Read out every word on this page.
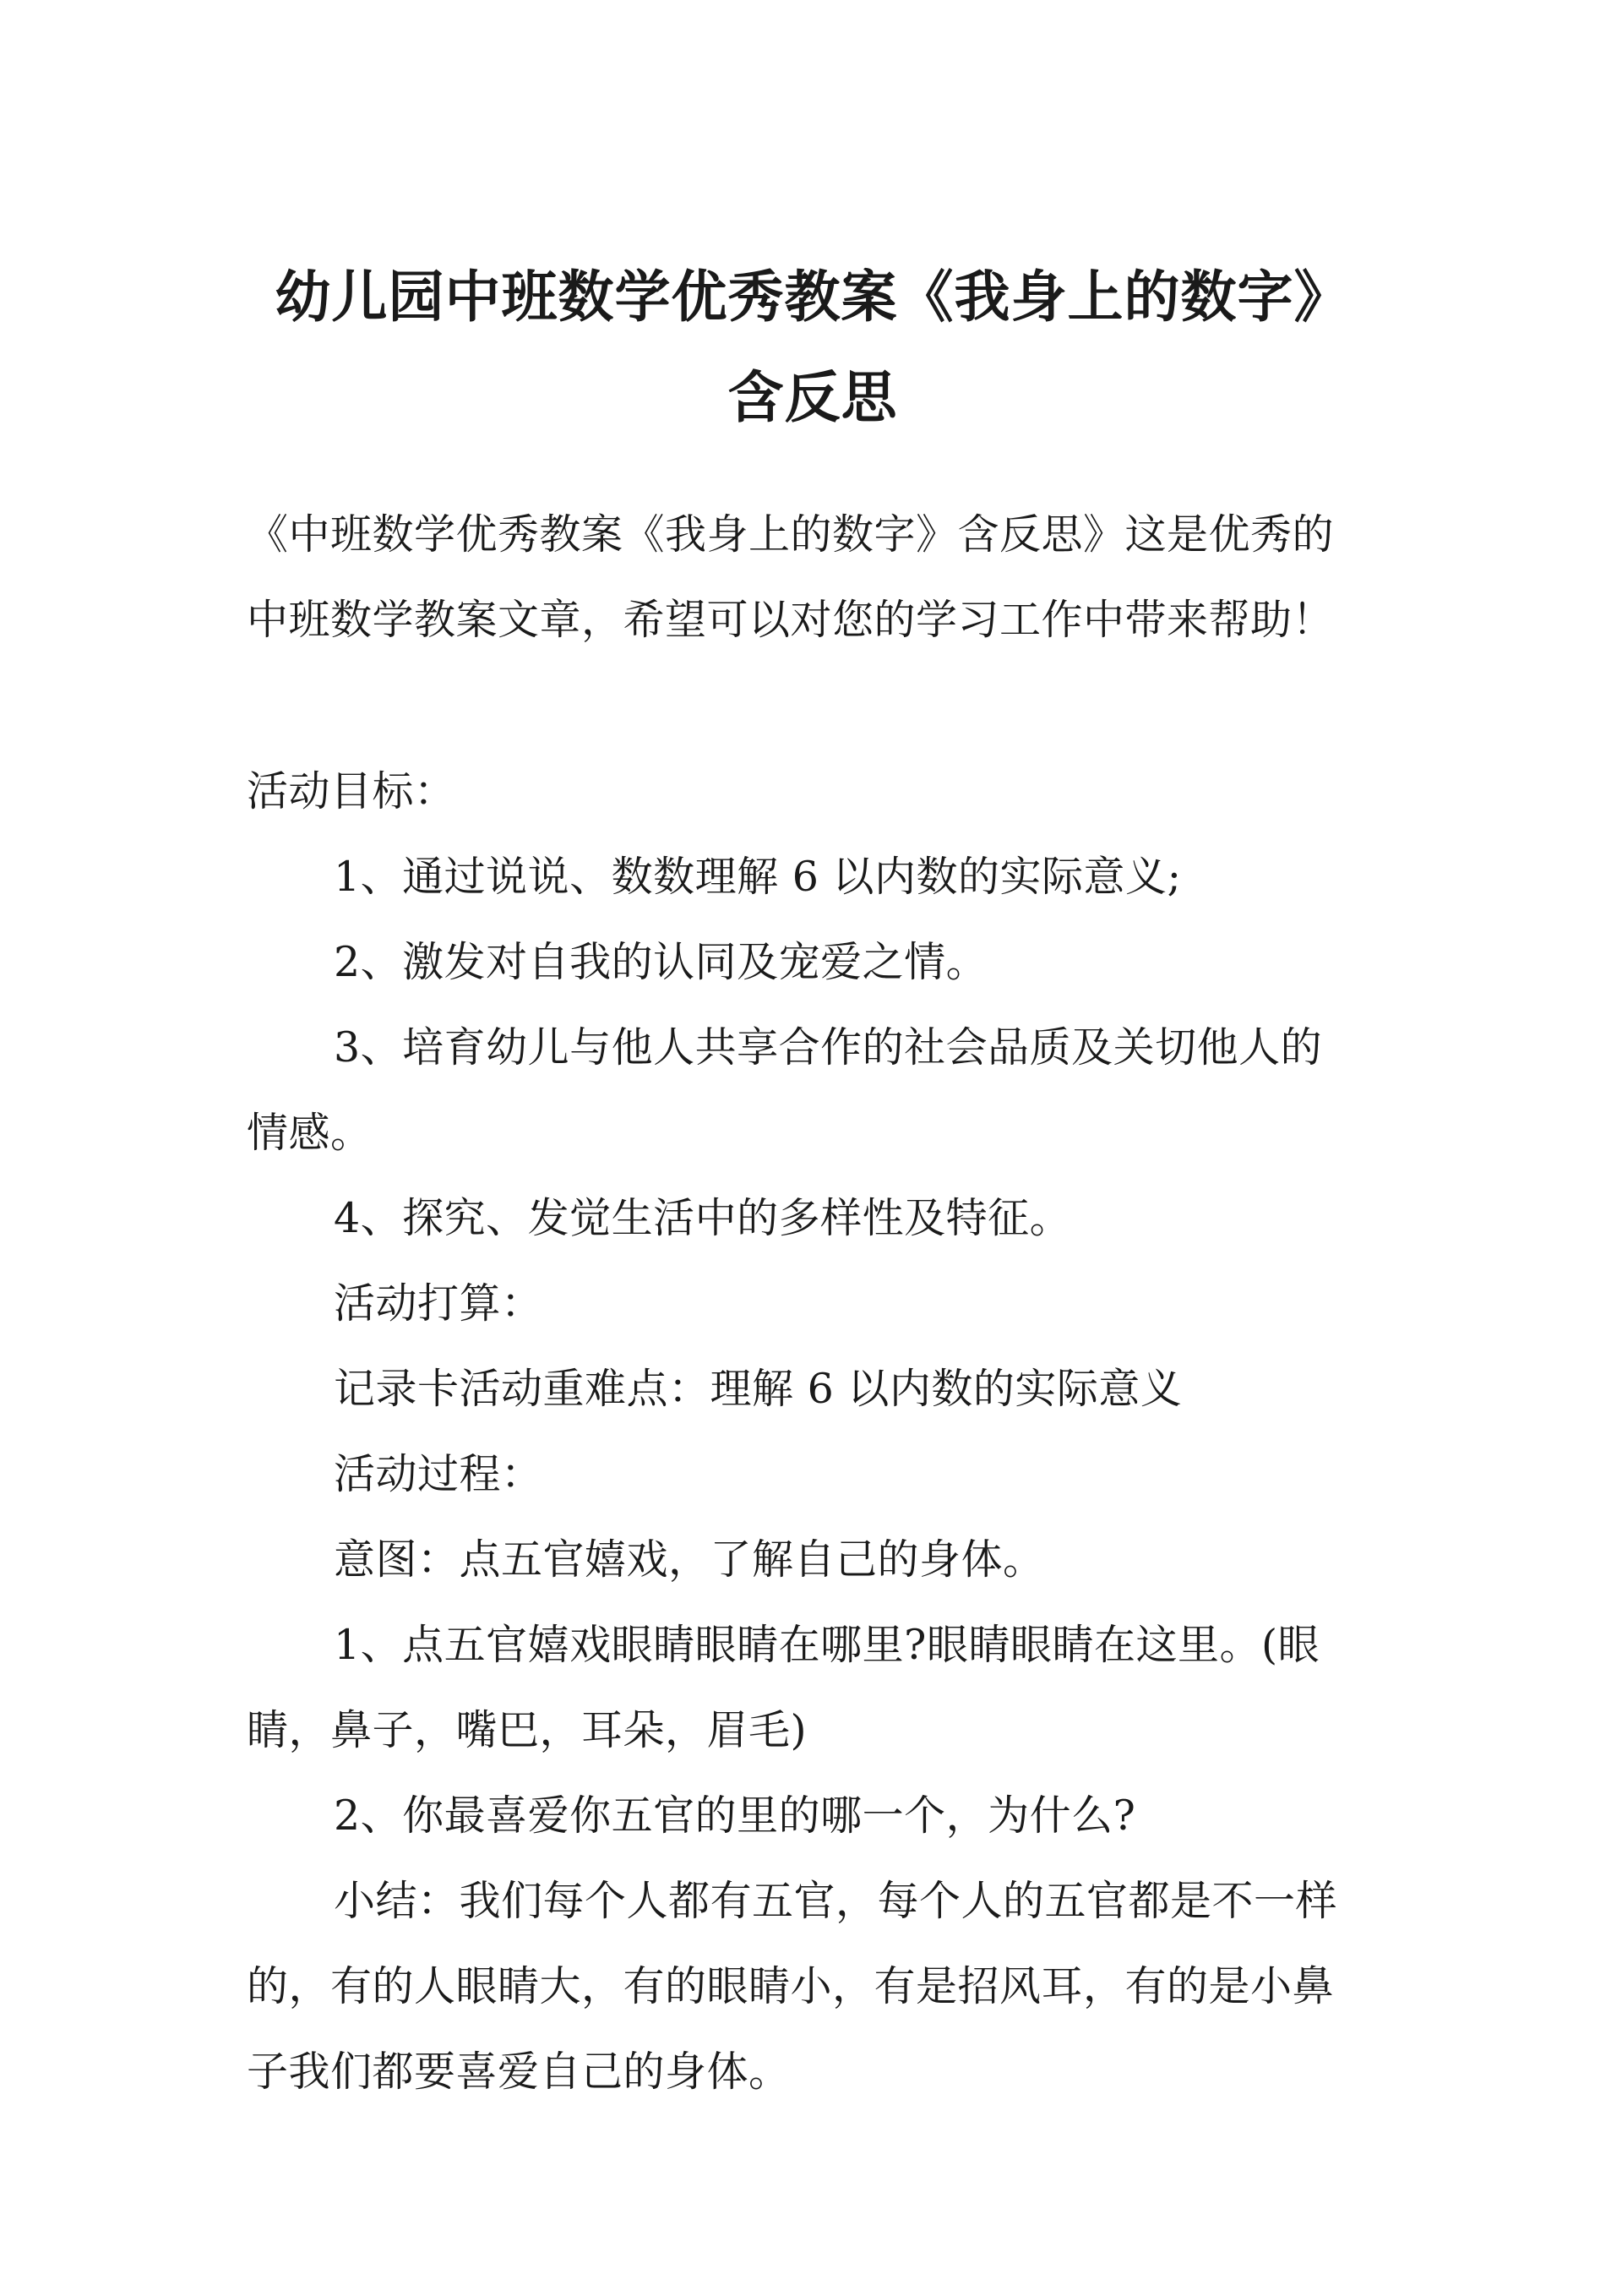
幼儿园中班数学优秀教案《我身上的数字》
含反思
《中班数学优秀教案《我身上的数字》含反思》这是优秀的
中班数学教案文章，希望可以对您的学习工作中带来帮助！
活动目标：
1、通过说说、数数理解 6 以内数的实际意义;
2、激发对自我的认同及宠爱之情。
3、培育幼儿与他人共享合作的社会品质及关切他人的
情感。
4、探究、发觉生活中的多样性及特征。
活动打算：
记录卡活动重难点：理解 6 以内数的实际意义
活动过程：
意图：点五官嬉戏，了解自己的身体。
1、点五官嬉戏眼睛眼睛在哪里?眼睛眼睛在这里。(眼
睛，鼻子，嘴巴，耳朵，眉毛)
2、你最喜爱你五官的里的哪一个，为什么?
小结：我们每个人都有五官，每个人的五官都是不一样
的，有的人眼睛大，有的眼睛小，有是招风耳，有的是小鼻
子我们都要喜爱自己的身体。
